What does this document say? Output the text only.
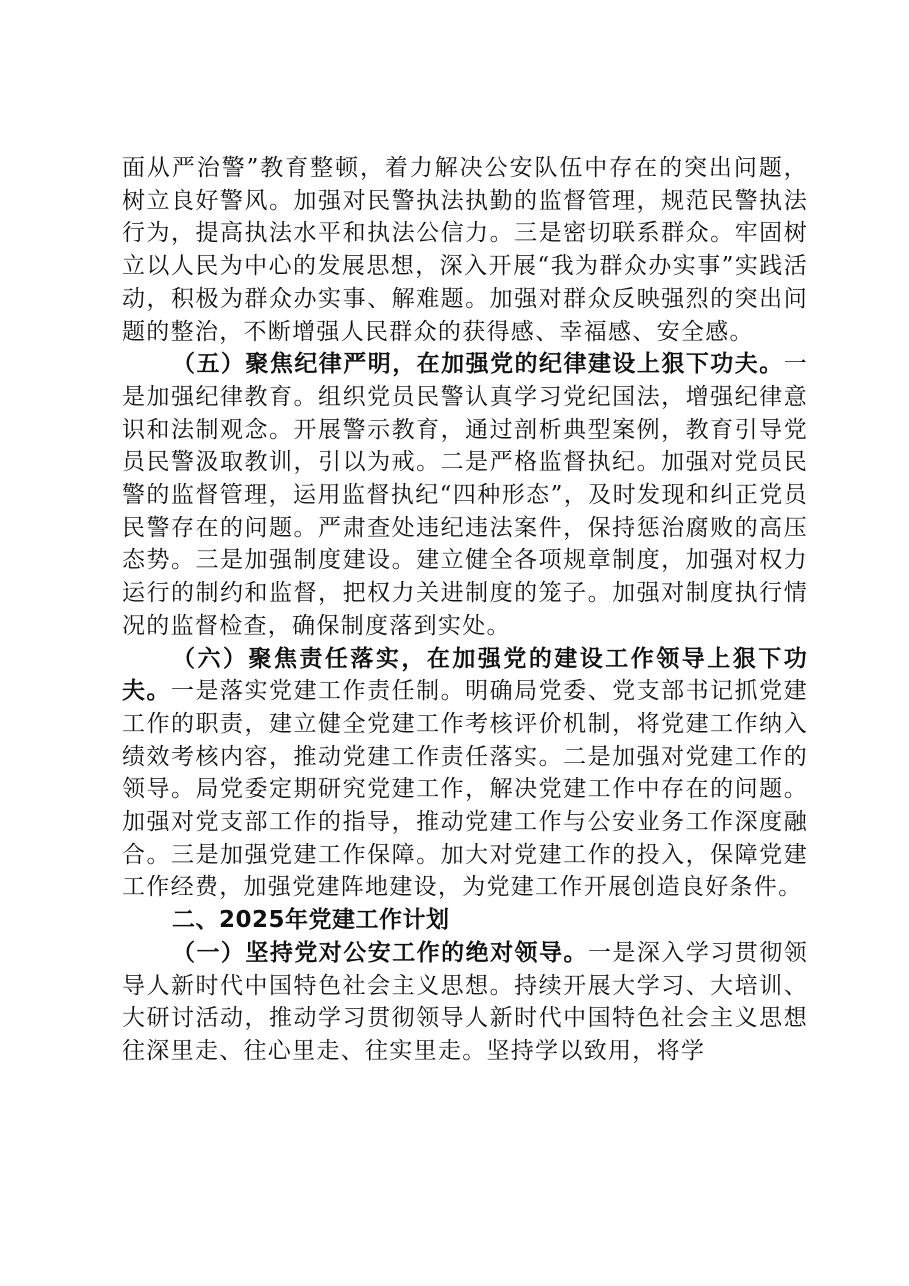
面从严治警”教育整顿，着力解决公安队伍中存在的突出问题，树立良好警风。加强对民警执法执勤的监督管理，规范民警执法行为，提高执法水平和执法公信力。三是密切联系群众。牢固树立以人民为中心的发展思想，深入开展“我为群众办实事”实践活动，积极为群众办实事、解难题。加强对群众反映强烈的突出问题的整治，不断增强人民群众的获得感、幸福感、安全感。

（五）聚焦纪律严明，在加强党的纪律建设上狠下功夫。一是加强纪律教育。组织党员民警认真学习党纪国法，增强纪律意识和法制观念。开展警示教育，通过剖析典型案例，教育引导党员民警汲取教训，引以为戒。二是严格监督执纪。加强对党员民警的监督管理，运用监督执纪“四种形态”，及时发现和纠正党员民警存在的问题。严肃查处违纪违法案件，保持惩治腐败的高压态势。三是加强制度建设。建立健全各项规章制度，加强对权力运行的制约和监督，把权力关进制度的笼子。加强对制度执行情况的监督检查，确保制度落到实处。

（六）聚焦责任落实，在加强党的建设工作领导上狠下功夫。一是落实党建工作责任制。明确局党委、党支部书记抓党建工作的职责，建立健全党建工作考核评价机制，将党建工作纳入绩效考核内容，推动党建工作责任落实。二是加强对党建工作的领导。局党委定期研究党建工作，解决党建工作中存在的问题。加强对党支部工作的指导，推动党建工作与公安业务工作深度融合。三是加强党建工作保障。加大对党建工作的投入，保障党建工作经费，加强党建阵地建设，为党建工作开展创造良好条件。

二、2025年党建工作计划

（一）坚持党对公安工作的绝对领导。一是深入学习贯彻领导人新时代中国特色社会主义思想。持续开展大学习、大培训、大研讨活动，推动学习贯彻领导人新时代中国特色社会主义思想往深里走、往心里走、往实里走。坚持学以致用，将学
